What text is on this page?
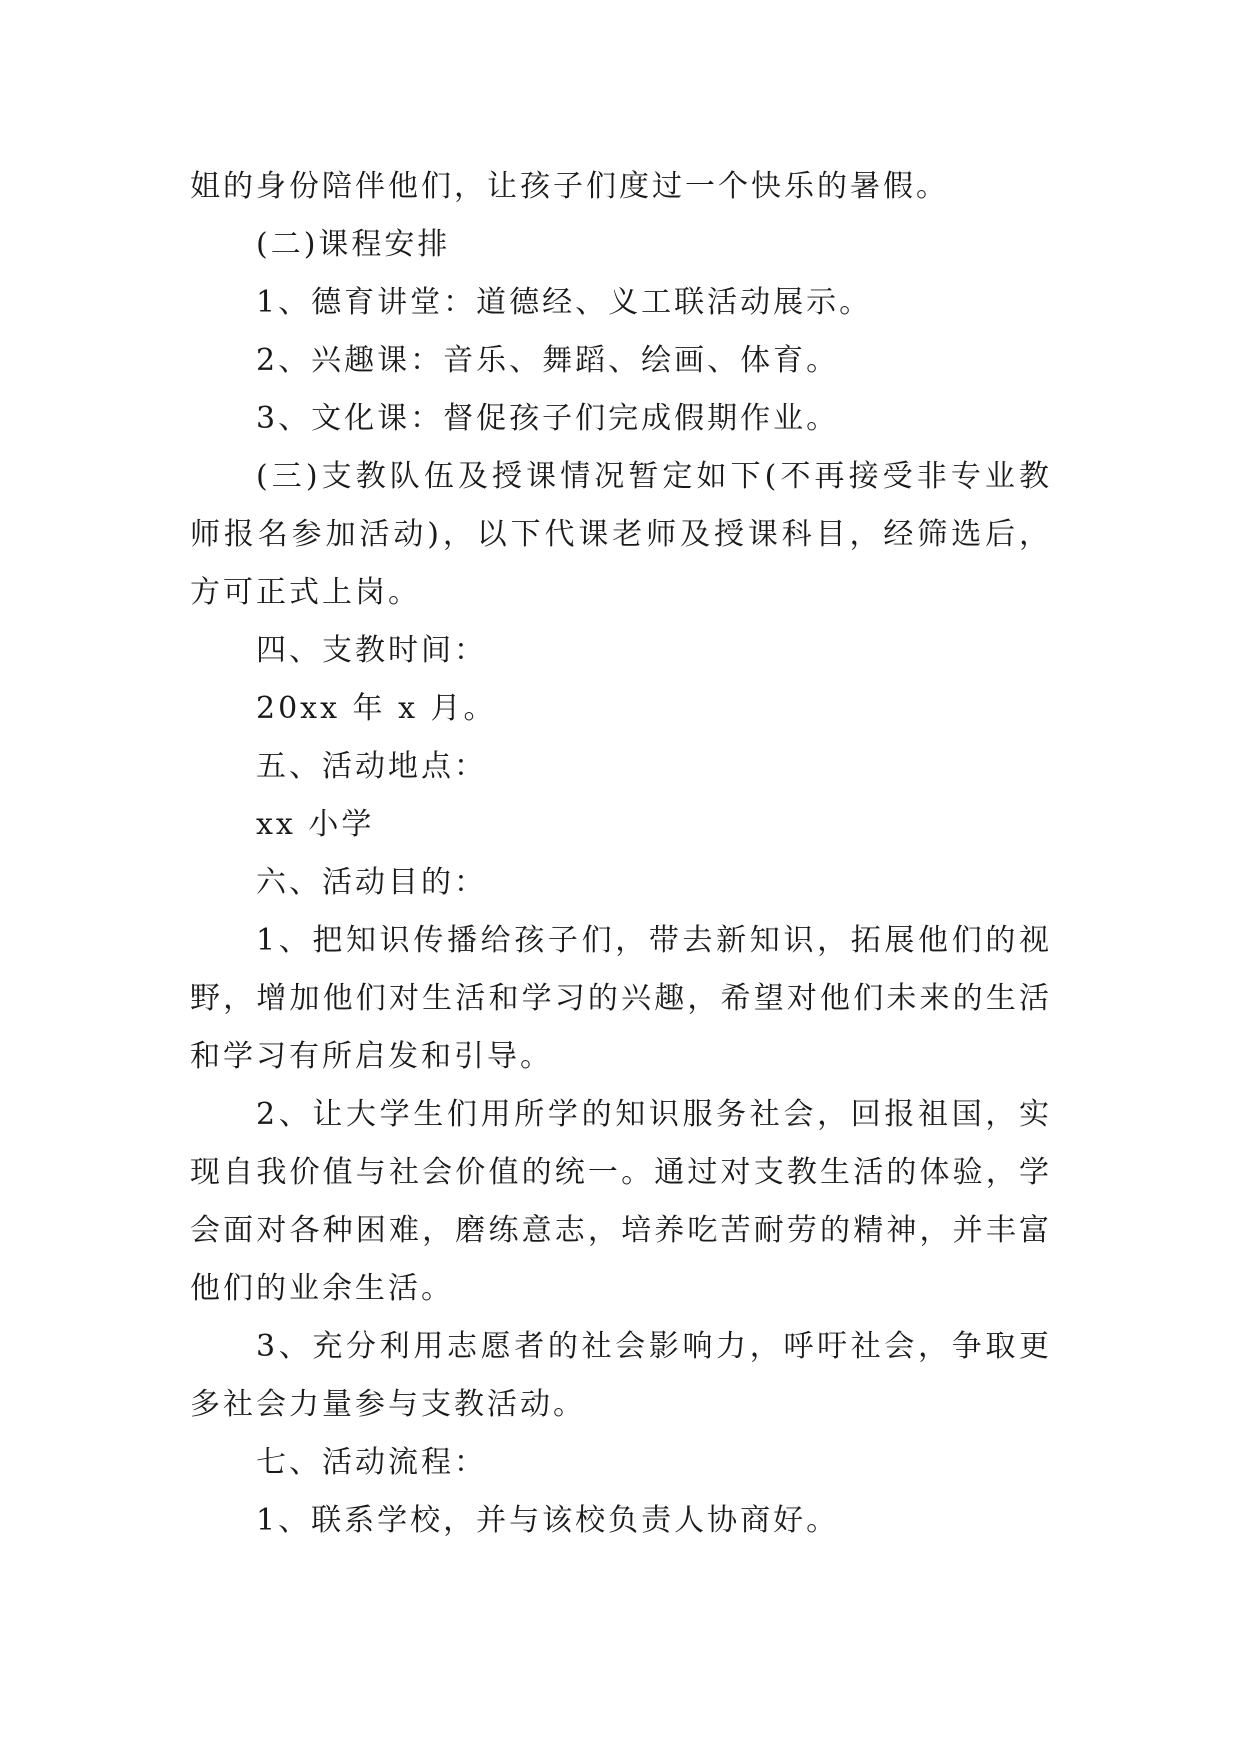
姐的身份陪伴他们，让孩子们度过一个快乐的暑假。

(二)课程安排

1、德育讲堂：道德经、义工联活动展示。

2、兴趣课：音乐、舞蹈、绘画、体育。

3、文化课：督促孩子们完成假期作业。

(三)支教队伍及授课情况暂定如下(不再接受非专业教师报名参加活动)，以下代课老师及授课科目，经筛选后，方可正式上岗。

四、支教时间：

20xx 年 x 月。

五、活动地点：

xx 小学

六、活动目的：

1、把知识传播给孩子们，带去新知识，拓展他们的视野，增加他们对生活和学习的兴趣，希望对他们未来的生活和学习有所启发和引导。

2、让大学生们用所学的知识服务社会，回报祖国，实现自我价值与社会价值的统一。通过对支教生活的体验，学会面对各种困难，磨练意志，培养吃苦耐劳的精神，并丰富他们的业余生活。

3、充分利用志愿者的社会影响力，呼吁社会，争取更多社会力量参与支教活动。

七、活动流程：

1、联系学校，并与该校负责人协商好。
